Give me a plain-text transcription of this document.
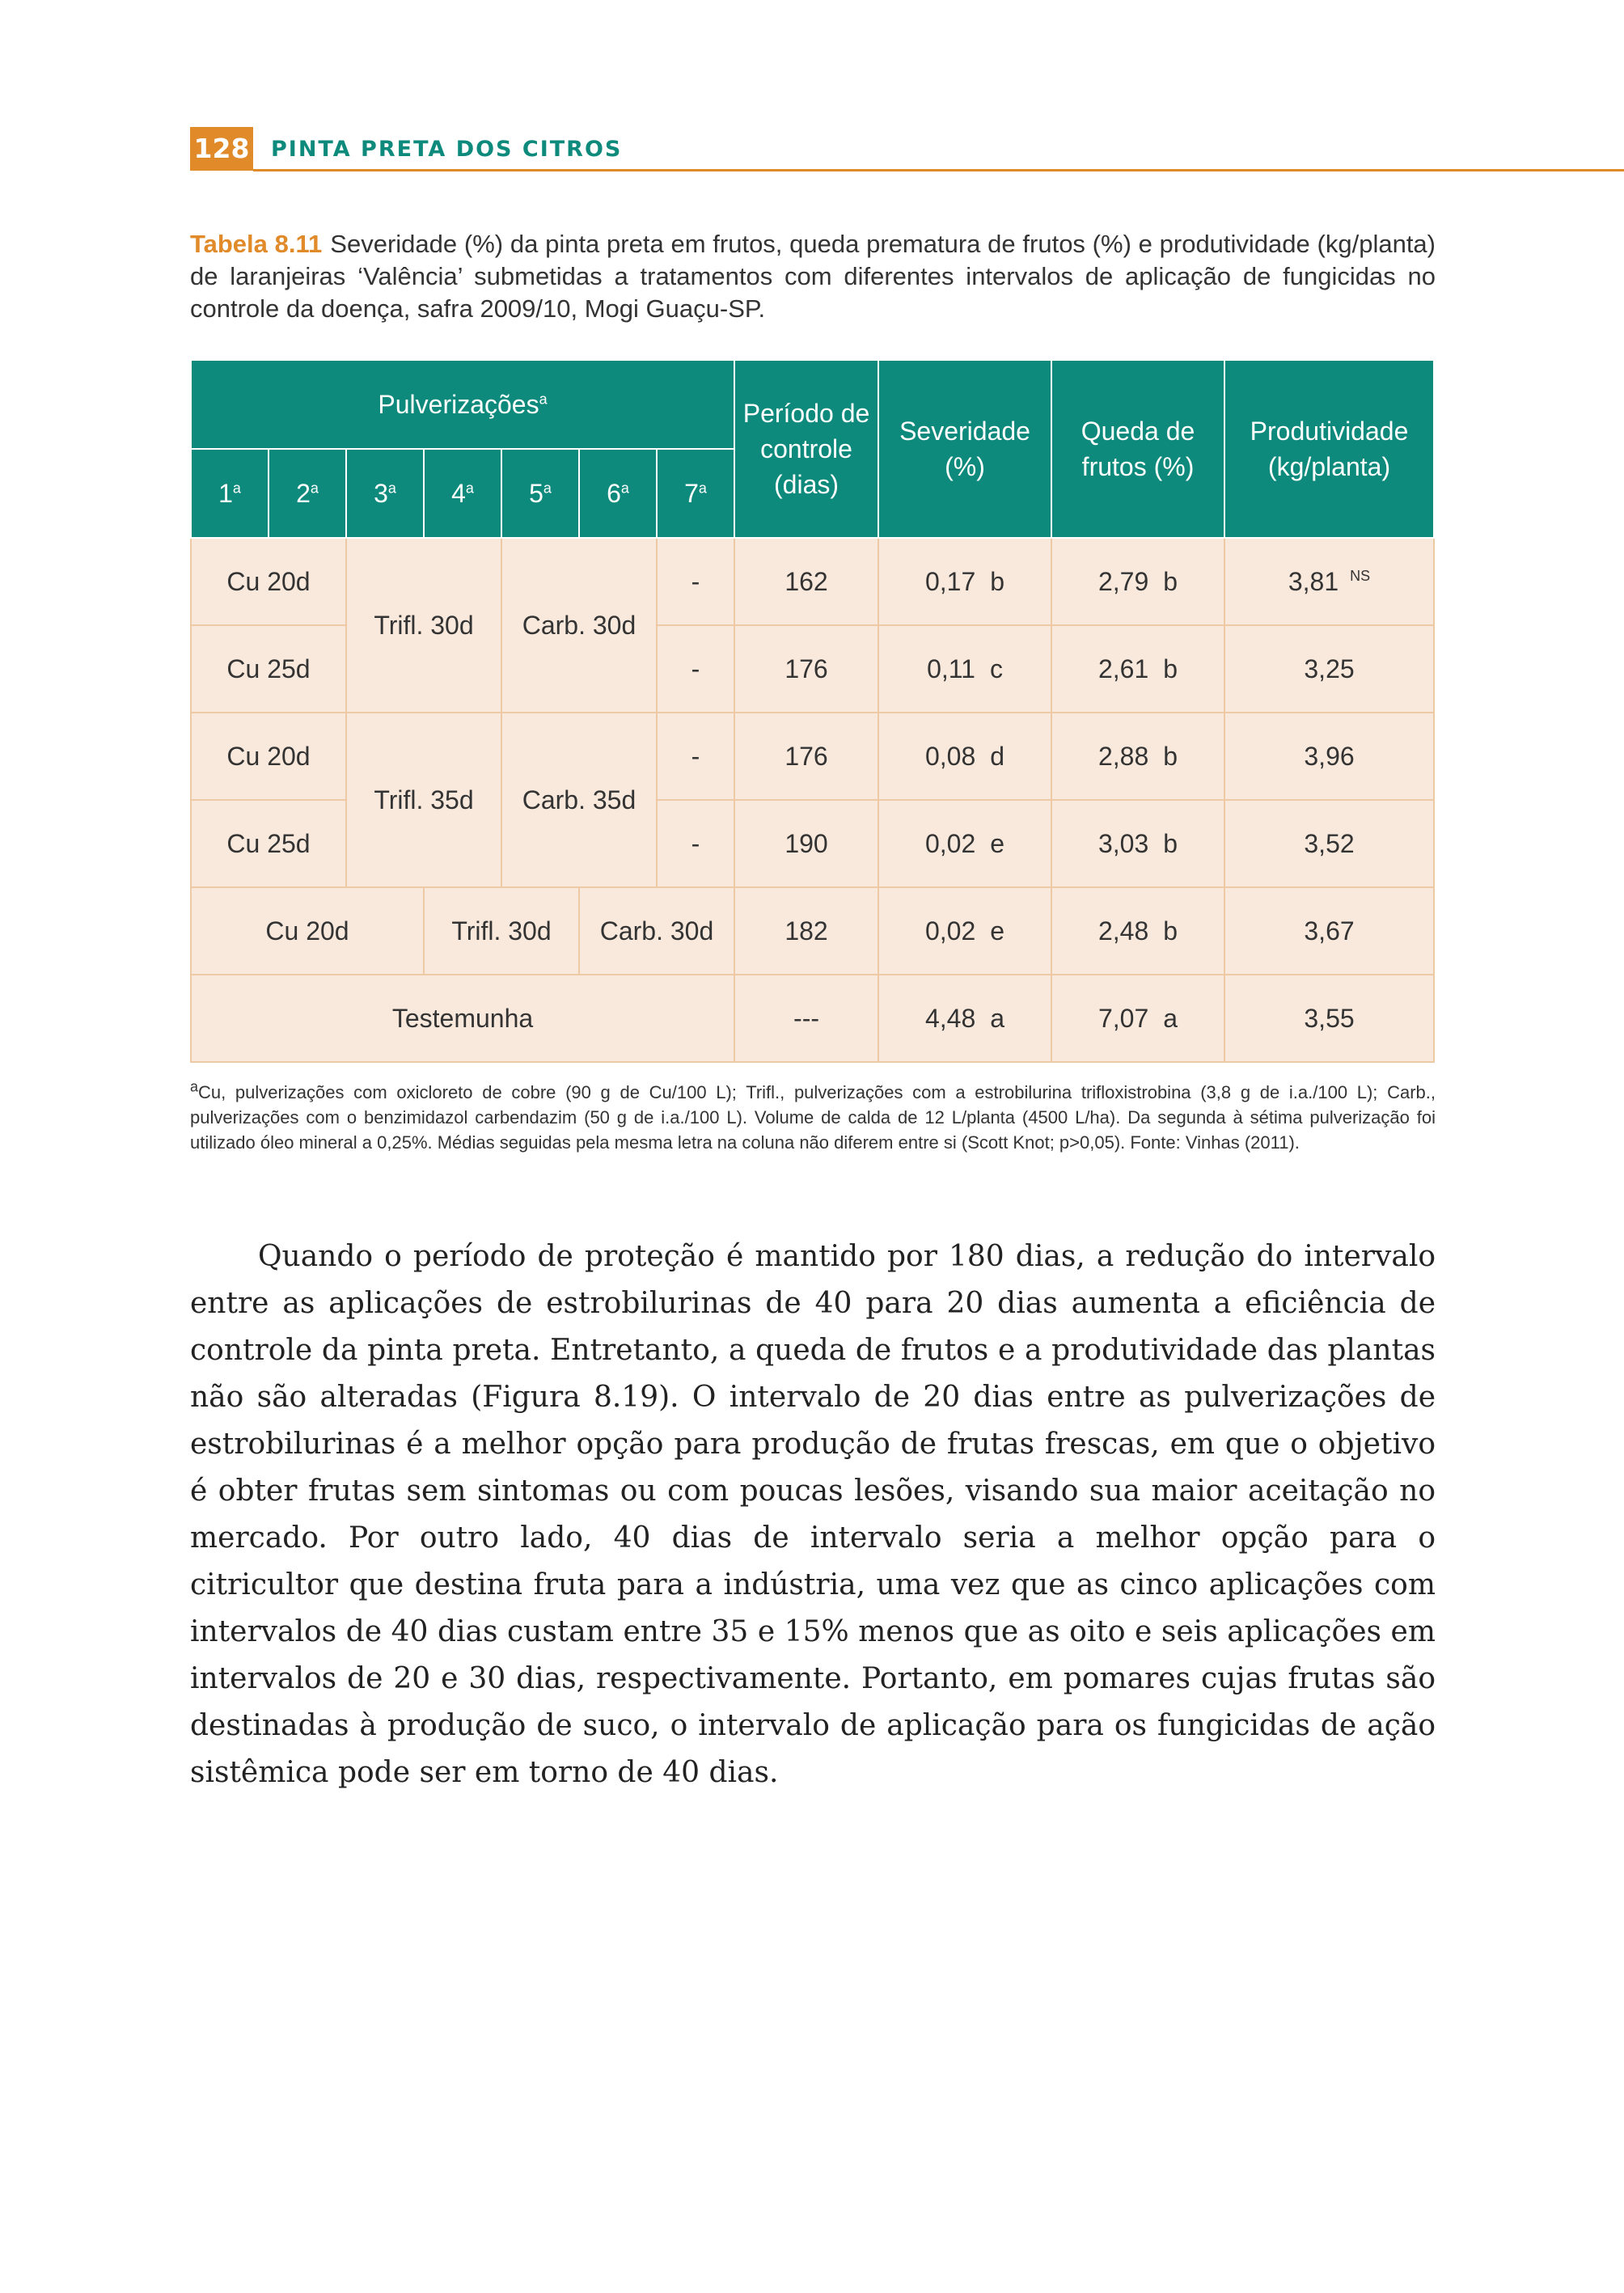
128 PINTA PRETA DOS CITROS
Tabela 8.11 Severidade (%) da pinta preta em frutos, queda prematura de frutos (%) e produtividade (kg/planta) de laranjeiras ‘Valência’ submetidas a tratamentos com diferentes intervalos de aplicação de fungicidas no controle da doença, safra 2009/10, Mogi Guaçu-SP.
Pulverizações$^a$							Período de controle (dias)	Severidade (%)	Queda de frutos (%)	Produtividade (kg/planta)
1$^a$	2$^a$	3$^a$	4$^a$	5$^a$	6$^a$	7$^a$
Cu 20d		Trifl. 30d		Carb. 30d		-	162	0,17 b	2,79 b	3,81 $^{NS}$
Cu 25d						-	176	0,11 c	2,61 b	3,25
Cu 20d		Trifl. 35d		Carb. 35d		-	176	0,08 d	2,88 b	3,96
Cu 25d						-	190	0,02 e	3,03 b	3,52
Cu 20d			Trifl. 30d		Carb. 30d		182	0,02 e	2,48 b	3,67
Testemunha							---	4,48 a	7,07 a	3,55
$^a$Cu, pulverizações com oxicloreto de cobre (90 g de Cu/100 L); Trifl., pulverizações com a estrobilurina trifloxistrobina (3,8 g de i.a./100 L); Carb., pulverizações com o benzimidazol carbendazim (50 g de i.a./100 L). Volume de calda de 12 L/planta (4500 L/ha). Da segunda à sétima pulverização foi utilizado óleo mineral a 0,25%. Médias seguidas pela mesma letra na coluna não diferem entre si (Scott Knot; p>0,05). Fonte: Vinhas (2011).

Quando o período de proteção é mantido por 180 dias, a redução do intervalo entre as aplicações de estrobilurinas de 40 para 20 dias aumenta a eficiência de controle da pinta preta. Entretanto, a queda de frutos e a produtividade das plantas não são alteradas (Figura 8.19). O intervalo de 20 dias entre as pulverizações de estrobilurinas é a melhor opção para produção de frutas frescas, em que o objetivo é obter frutas sem sintomas ou com poucas lesões, visando sua maior aceitação no mercado. Por outro lado, 40 dias de intervalo seria a melhor opção para o citricultor que destina fruta para a indústria, uma vez que as cinco aplicações com intervalos de 40 dias custam entre 35 e 15% menos que as oito e seis aplicações em intervalos de 20 e 30 dias, respectivamente. Portanto, em pomares cujas frutas são destinadas à produção de suco, o intervalo de aplicação para os fungicidas de ação sistêmica pode ser em torno de 40 dias.
